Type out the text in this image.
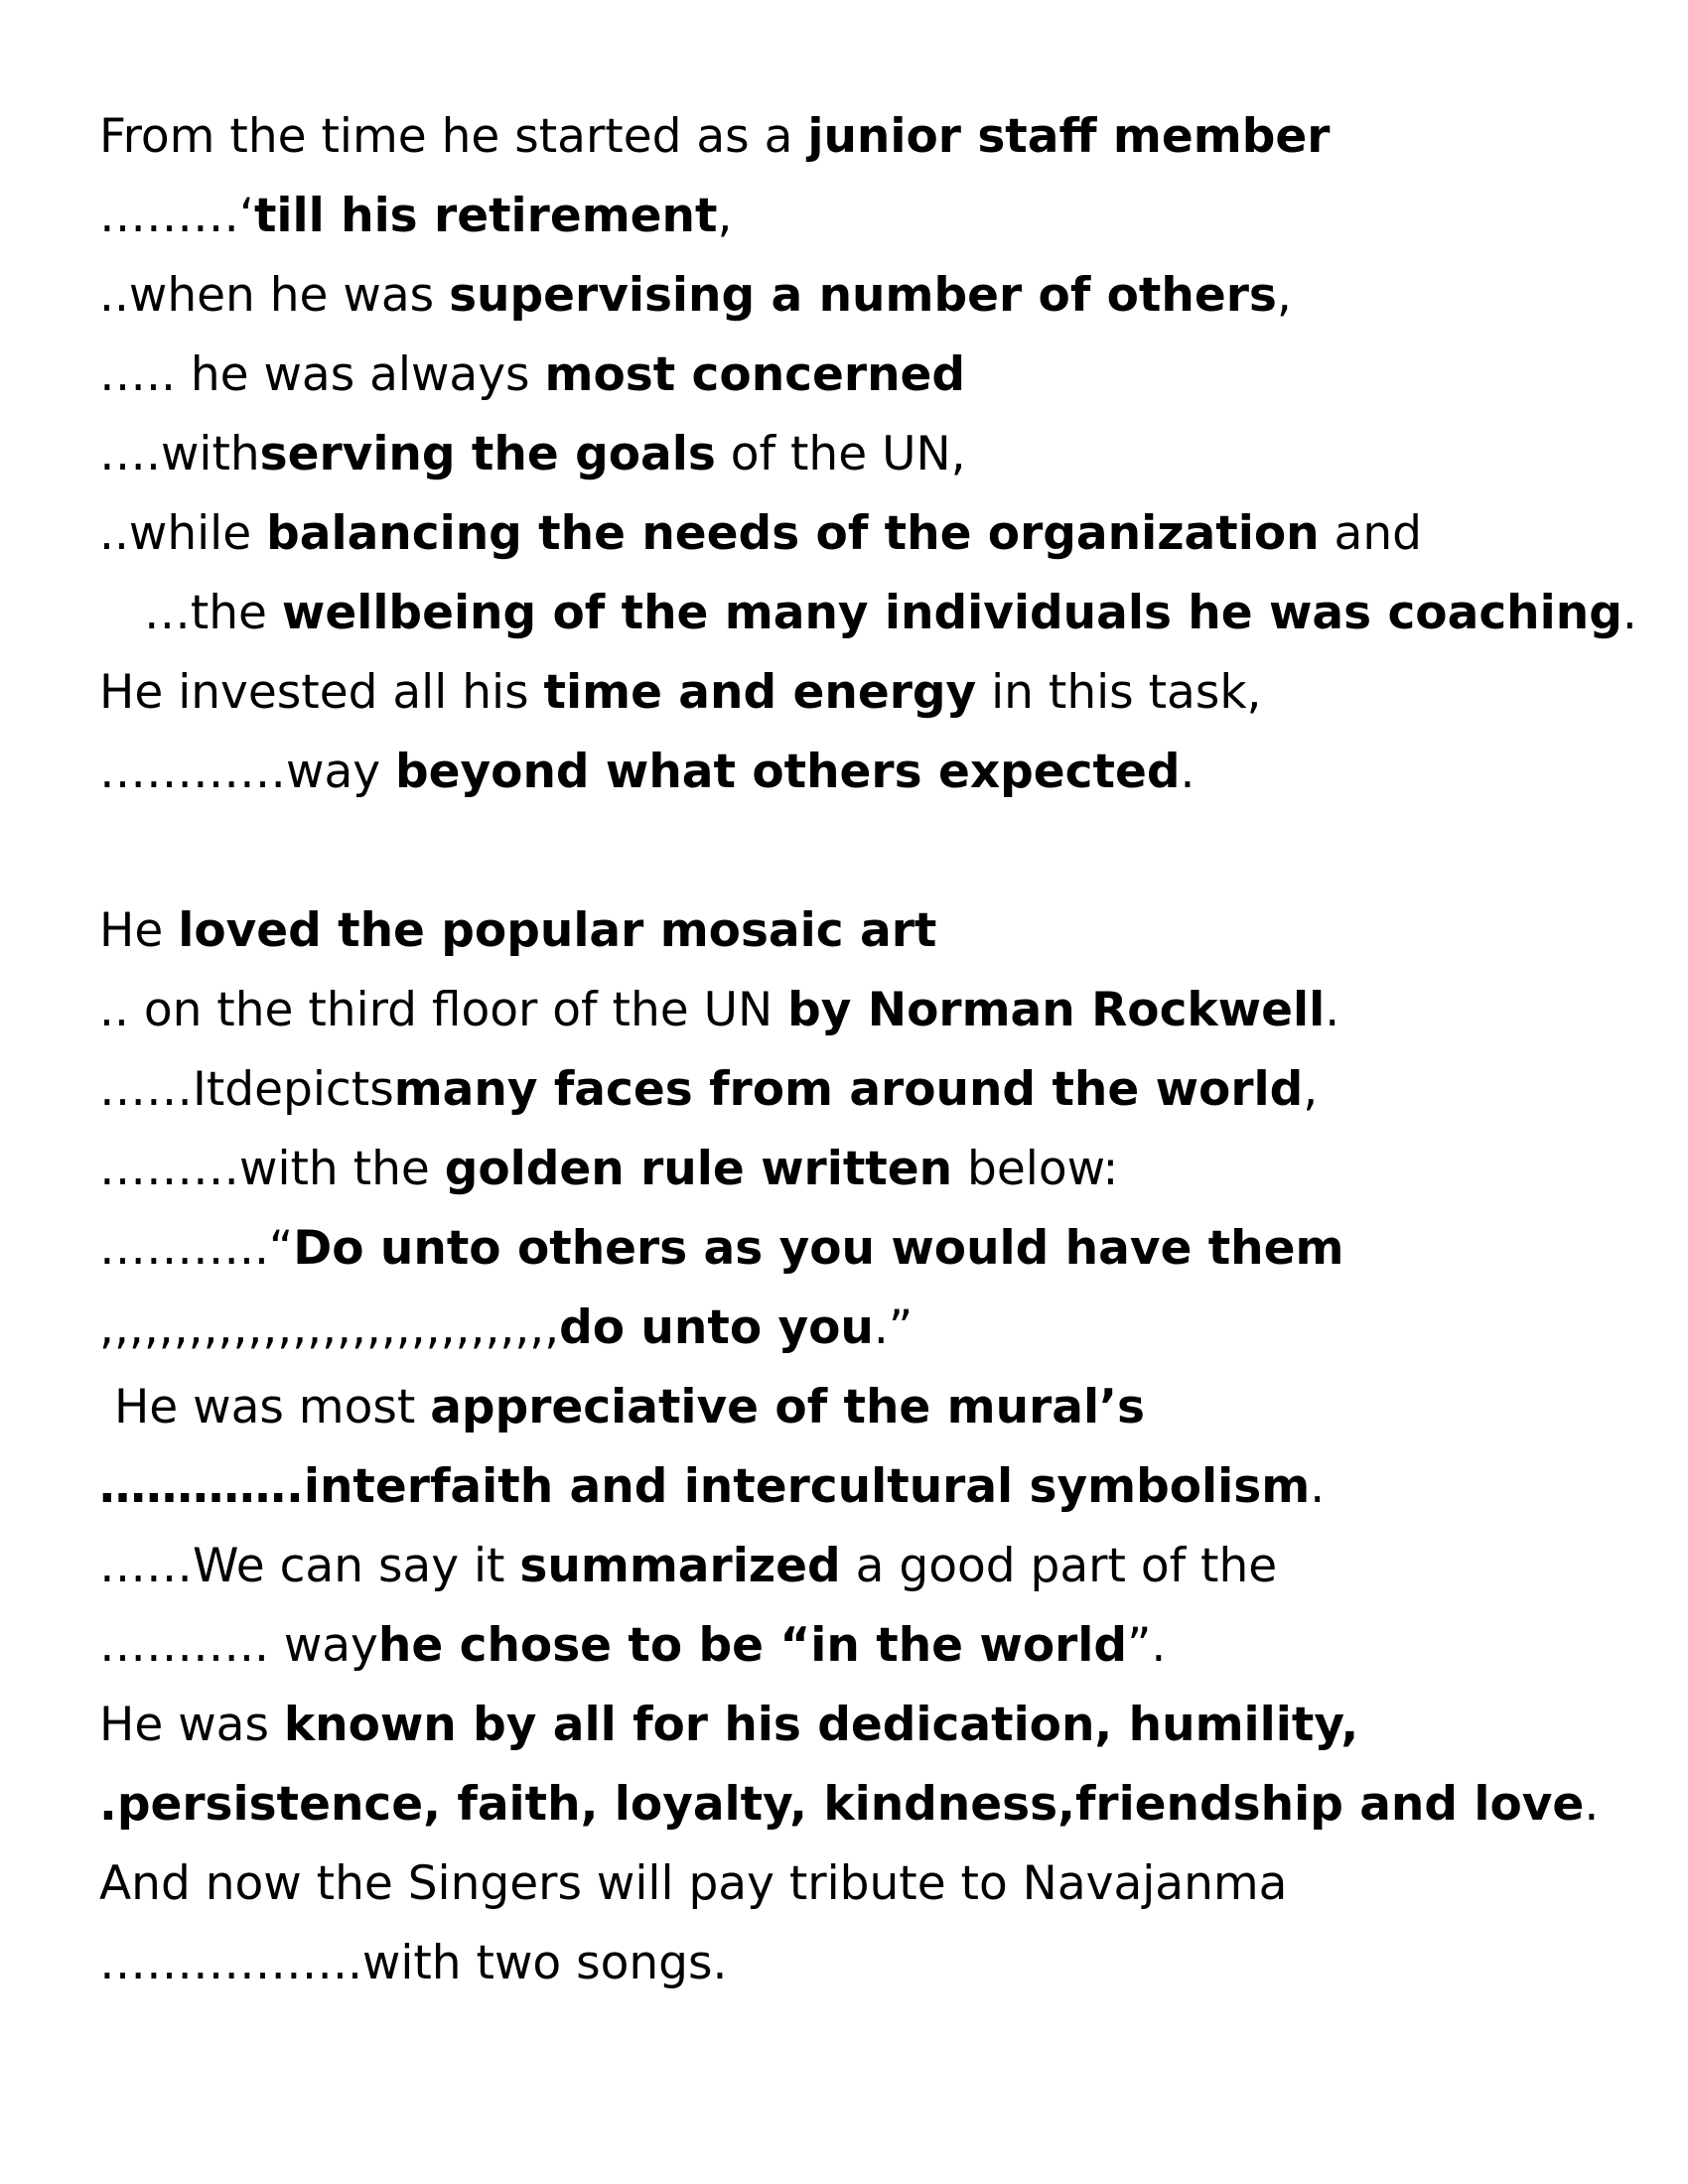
From the time he started as a junior staff member
………‘till his retirement,
..when he was supervising a number of others,
….. he was always most concerned
….withserving the goals of the UN,
..while balancing the needs of the organization and
…the wellbeing of the many individuals he was coaching.
He invested all his time and energy in this task,
…………way beyond what others expected.
He loved the popular mosaic art
.. on the third floor of the UN by Norman Rockwell.
……Itdepictsmany faces from around the world,
………with the golden rule written below:
………..“Do unto others as you would have them
,,,,,,,,,,,,,,,,,,,,,,,,,,,,,,,do unto you.”
He was most appreciative of the mural’s
………….interfaith and intercultural symbolism.
……We can say it summarized a good part of the
……….. wayhe chose to be “in the world”.
He was known by all for his dedication, humility,
.persistence, faith, loyalty, kindness,friendship and love.
And now the Singers will pay tribute to Navajanma
……………..with two songs.
